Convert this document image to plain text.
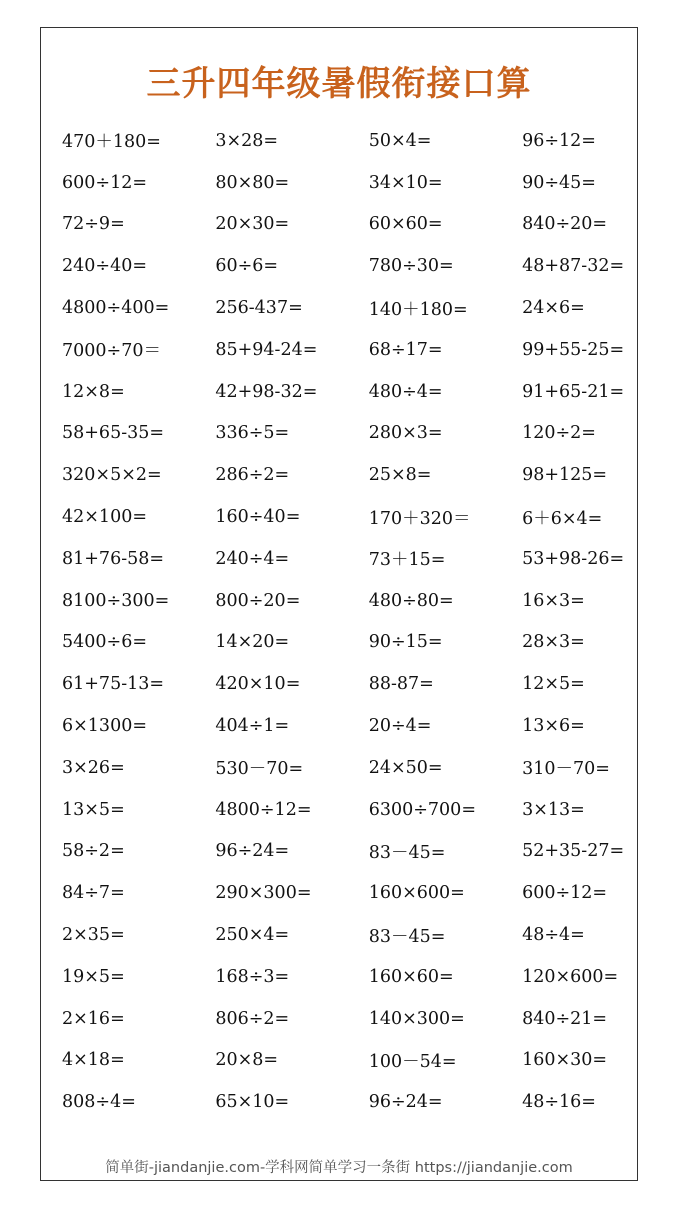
三升四年级暑假衔接口算
470＋180=	3×28=	50×4=	96÷12=
600÷12=	80×80=	34×10=	90÷45=
72÷9=	20×30=	60×60=	840÷20=
240÷40=	60÷6=	780÷30=	48+87-32=
4800÷400=	256-437=	140＋180=	24×6=
7000÷70＝	85+94-24=	68÷17=	99+55-25=
12×8=	42+98-32=	480÷4=	91+65-21=
58+65-35=	336÷5=	280×3=	120÷2=
320×5×2=	286÷2=	25×8=	98+125=
42×100=	160÷40=	170＋320＝	6＋6×4=
81+76-58=	240÷4=	73＋15=	53+98-26=
8100÷300=	800÷20=	480÷80=	16×3=
5400÷6=	14×20=	90÷15=	28×3=
61+75-13=	420×10=	88-87=	12×5=
6×1300=	404÷1=	20÷4=	13×6=
3×26=	530－70=	24×50=	310－70=
13×5=	4800÷12=	6300÷700=	3×13=
58÷2=	96÷24=	83－45=	52+35-27=
84÷7=	290×300=	160×600=	600÷12=
2×35=	250×4=	83－45=	48÷4=
19×5=	168÷3=	160×60=	120×600=
2×16=	806÷2=	140×300=	840÷21=
4×18=	20×8=	100－54=	160×30=
808÷4=	65×10=	96÷24=	48÷16=
简单街-jiandanjie.com-学科网简单学习一条街 https://jiandanjie.com
